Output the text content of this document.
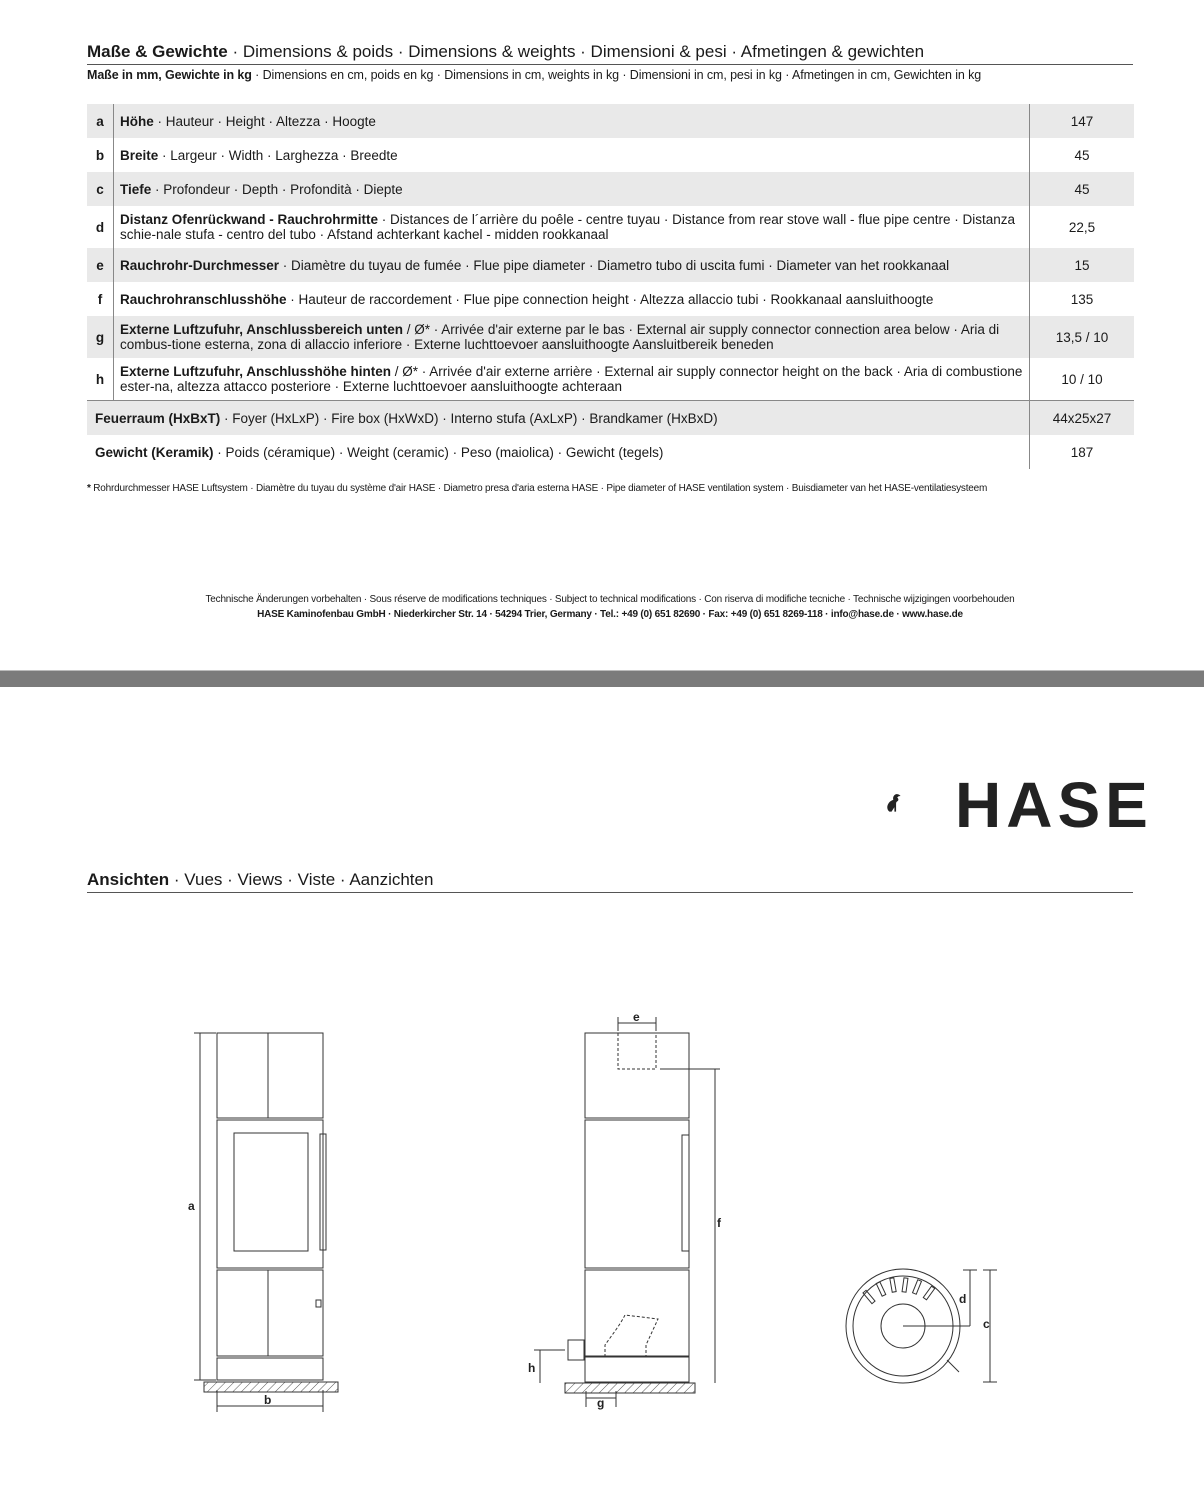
Maße & Gewichte · Dimensions & poids · Dimensions & weights · Dimensioni & pesi · Afmetingen & gewichten
Maße in mm, Gewichte in kg · Dimensions en cm, poids en kg · Dimensions in cm, weights in kg · Dimensioni in cm, pesi in kg · Afmetingen in cm, Gewichten in kg
a	Höhe · Hauteur · Height · Altezza · Hoogte	147
b	Breite · Largeur · Width · Larghezza · Breedte	45
c	Tiefe · Profondeur · Depth · Profondità · Diepte	45
d	Distanz Ofenrückwand - Rauchrohrmitte · Distances de l´arrière du poêle - centre tuyau · Distance from rear stove wall - flue pipe centre · Distanza schie-nale stufa - centro del tubo · Afstand achterkant kachel - midden rookkanaal	22,5
e	Rauchrohr-Durchmesser · Diamètre du tuyau de fumée · Flue pipe diameter · Diametro tubo di uscita fumi · Diameter van het rookkanaal	15
f	Rauchrohranschlusshöhe · Hauteur de raccordement · Flue pipe connection height · Altezza allaccio tubi · Rookkanaal aansluithoogte	135
g	Externe Luftzufuhr, Anschlussbereich unten / Ø* · Arrivée d'air externe par le bas · External air supply connector connection area below · Aria di combus-tione esterna, zona di allaccio inferiore · Externe luchttoevoer aansluithoogte Aansluitbereik beneden	13,5 / 10
h	Externe Luftzufuhr, Anschlusshöhe hinten / Ø* · Arrivée d'air externe arrière · External air supply connector height on the back · Aria di combustione ester-na, altezza attacco posteriore · Externe luchttoevoer aansluithoogte achteraan	10 / 10
Feuerraum (HxBxT) · Foyer (HxLxP) · Fire box (HxWxD) · Interno stufa (AxLxP) · Brandkamer (HxBxD)		44x25x27
Gewicht (Keramik) · Poids (céramique) · Weight (ceramic) · Peso (maiolica) · Gewicht (tegels)		187
* Rohrdurchmesser HASE Luftsystem · Diamètre du tuyau du système d'air HASE · Diametro presa d'aria esterna HASE · Pipe diameter of HASE ventilation system · Buisdiameter van het HASE-ventilatiesysteem
Technische Änderungen vorbehalten · Sous réserve de modifications techniques · Subject to technical modifications · Con riserva di modifiche tecniche · Technische wijzigingen voorbehouden
HASE Kaminofenbau GmbH · Niederkircher Str. 14 · 54294 Trier, Germany · Tel.: +49 (0) 651 82690 · Fax: +49 (0) 651 8269-118 · info@hase.de · www.hase.de
HASE
Ansichten · Vues · Views · Viste · Aanzichten
a
b
e
f
h
g
d
c
